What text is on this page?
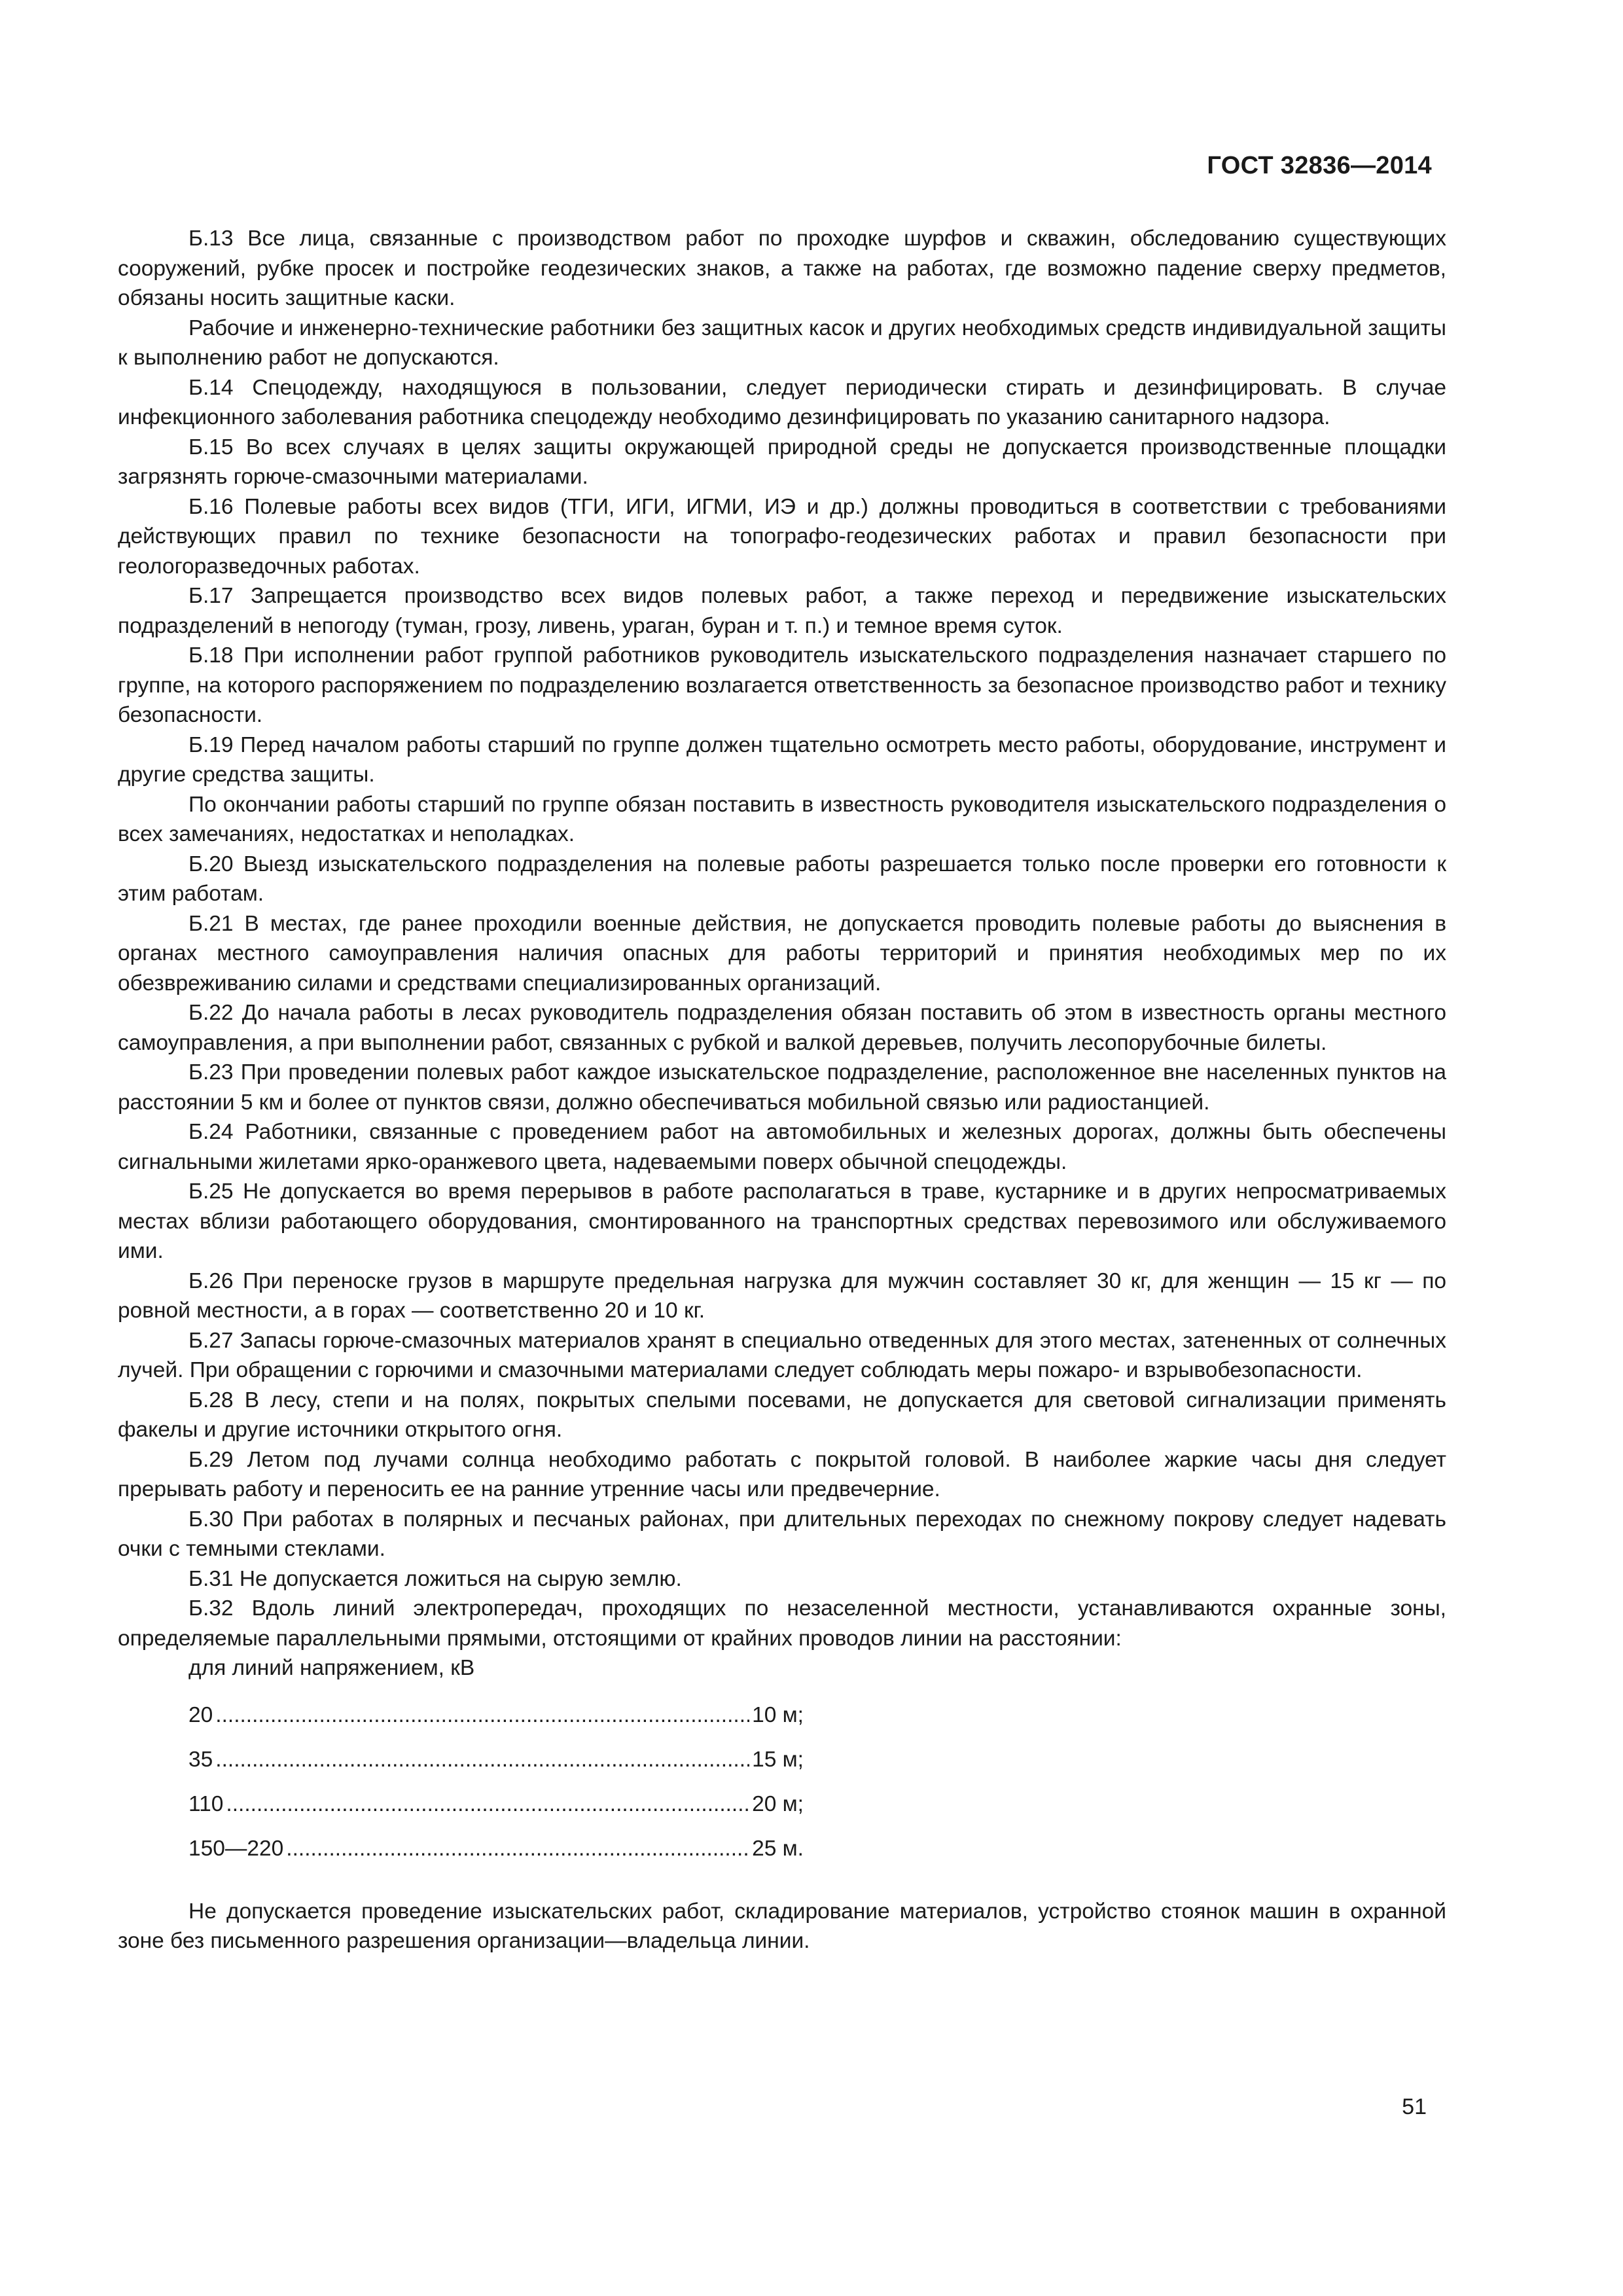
ГОСТ 32836—2014

Б.13 Все лица, связанные с производством работ по проходке шурфов и скважин, обследованию существующих сооружений, рубке просек и постройке геодезических знаков, а также на работах, где возможно падение сверху предметов, обязаны носить защитные каски.

Рабочие и инженерно-технические работники без защитных касок и других необходимых средств индивидуальной защиты к выполнению работ не допускаются.

Б.14 Спецодежду, находящуюся в пользовании, следует периодически стирать и дезинфицировать. В случае инфекционного заболевания работника спецодежду необходимо дезинфицировать по указанию санитарного надзора.

Б.15 Во всех случаях в целях защиты окружающей природной среды не допускается производственные площадки загрязнять горюче-смазочными материалами.

Б.16 Полевые работы всех видов (ТГИ, ИГИ, ИГМИ, ИЭ и др.) должны проводиться в соответствии с требованиями действующих правил по технике безопасности на топографо-геодезических работах и правил безопасности при геологоразведочных работах.

Б.17 Запрещается производство всех видов полевых работ, а также переход и передвижение изыскательских подразделений в непогоду (туман, грозу, ливень, ураган, буран и т. п.) и темное время суток.

Б.18 При исполнении работ группой работников руководитель изыскательского подразделения назначает старшего по группе, на которого распоряжением по подразделению возлагается ответственность за безопасное производство работ и технику безопасности.

Б.19 Перед началом работы старший по группе должен тщательно осмотреть место работы, оборудование, инструмент и другие средства защиты.

По окончании работы старший по группе обязан поставить в известность руководителя изыскательского подразделения о всех замечаниях, недостатках и неполадках.

Б.20 Выезд изыскательского подразделения на полевые работы разрешается только после проверки его готовности к этим работам.

Б.21 В местах, где ранее проходили военные действия, не допускается проводить полевые работы до выяснения в органах местного самоуправления наличия опасных для работы территорий и принятия необходимых мер по их обезвреживанию силами и средствами специализированных организаций.

Б.22 До начала работы в лесах руководитель подразделения обязан поставить об этом в известность органы местного самоуправления, а при выполнении работ, связанных с рубкой и валкой деревьев, получить лесопорубочные билеты.

Б.23 При проведении полевых работ каждое изыскательское подразделение, расположенное вне населенных пунктов на расстоянии 5 км и более от пунктов связи, должно обеспечиваться мобильной связью или радиостанцией.

Б.24 Работники, связанные с проведением работ на автомобильных и железных дорогах, должны быть обеспечены сигнальными жилетами ярко-оранжевого цвета, надеваемыми поверх обычной спецодежды.

Б.25 Не допускается во время перерывов в работе располагаться в траве, кустарнике и в других непросматриваемых местах вблизи работающего оборудования, смонтированного на транспортных средствах перевозимого или обслуживаемого ими.

Б.26 При переноске грузов в маршруте предельная нагрузка для мужчин составляет 30 кг, для женщин — 15 кг — по ровной местности, а в горах — соответственно 20 и 10 кг.

Б.27 Запасы горюче-смазочных материалов хранят в специально отведенных для этого местах, затененных от солнечных лучей. При обращении с горючими и смазочными материалами следует соблюдать меры пожаро- и взрывобезопасности.

Б.28 В лесу, степи и на полях, покрытых спелыми посевами, не допускается для световой сигнализации применять факелы и другие источники открытого огня.

Б.29 Летом под лучами солнца необходимо работать с покрытой головой. В наиболее жаркие часы дня следует прерывать работу и переносить ее на ранние утренние часы или предвечерние.

Б.30 При работах в полярных и песчаных районах, при длительных переходах по снежному покрову следует надевать очки с темными стеклами.

Б.31 Не допускается ложиться на сырую землю.

Б.32 Вдоль линий электропередач, проходящих по незаселенной местности, устанавливаются охранные зоны, определяемые параллельными прямыми, отстоящими от крайних проводов линии на расстоянии:

для линий напряжением, кВ

20 .....	10 м;
35 .....	15 м;
110 .....	20 м;
150—220 .....	25 м.

Не допускается проведение изыскательских работ, складирование материалов, устройство стоянок машин в охранной зоне без письменного разрешения организации—владельца линии.

51
